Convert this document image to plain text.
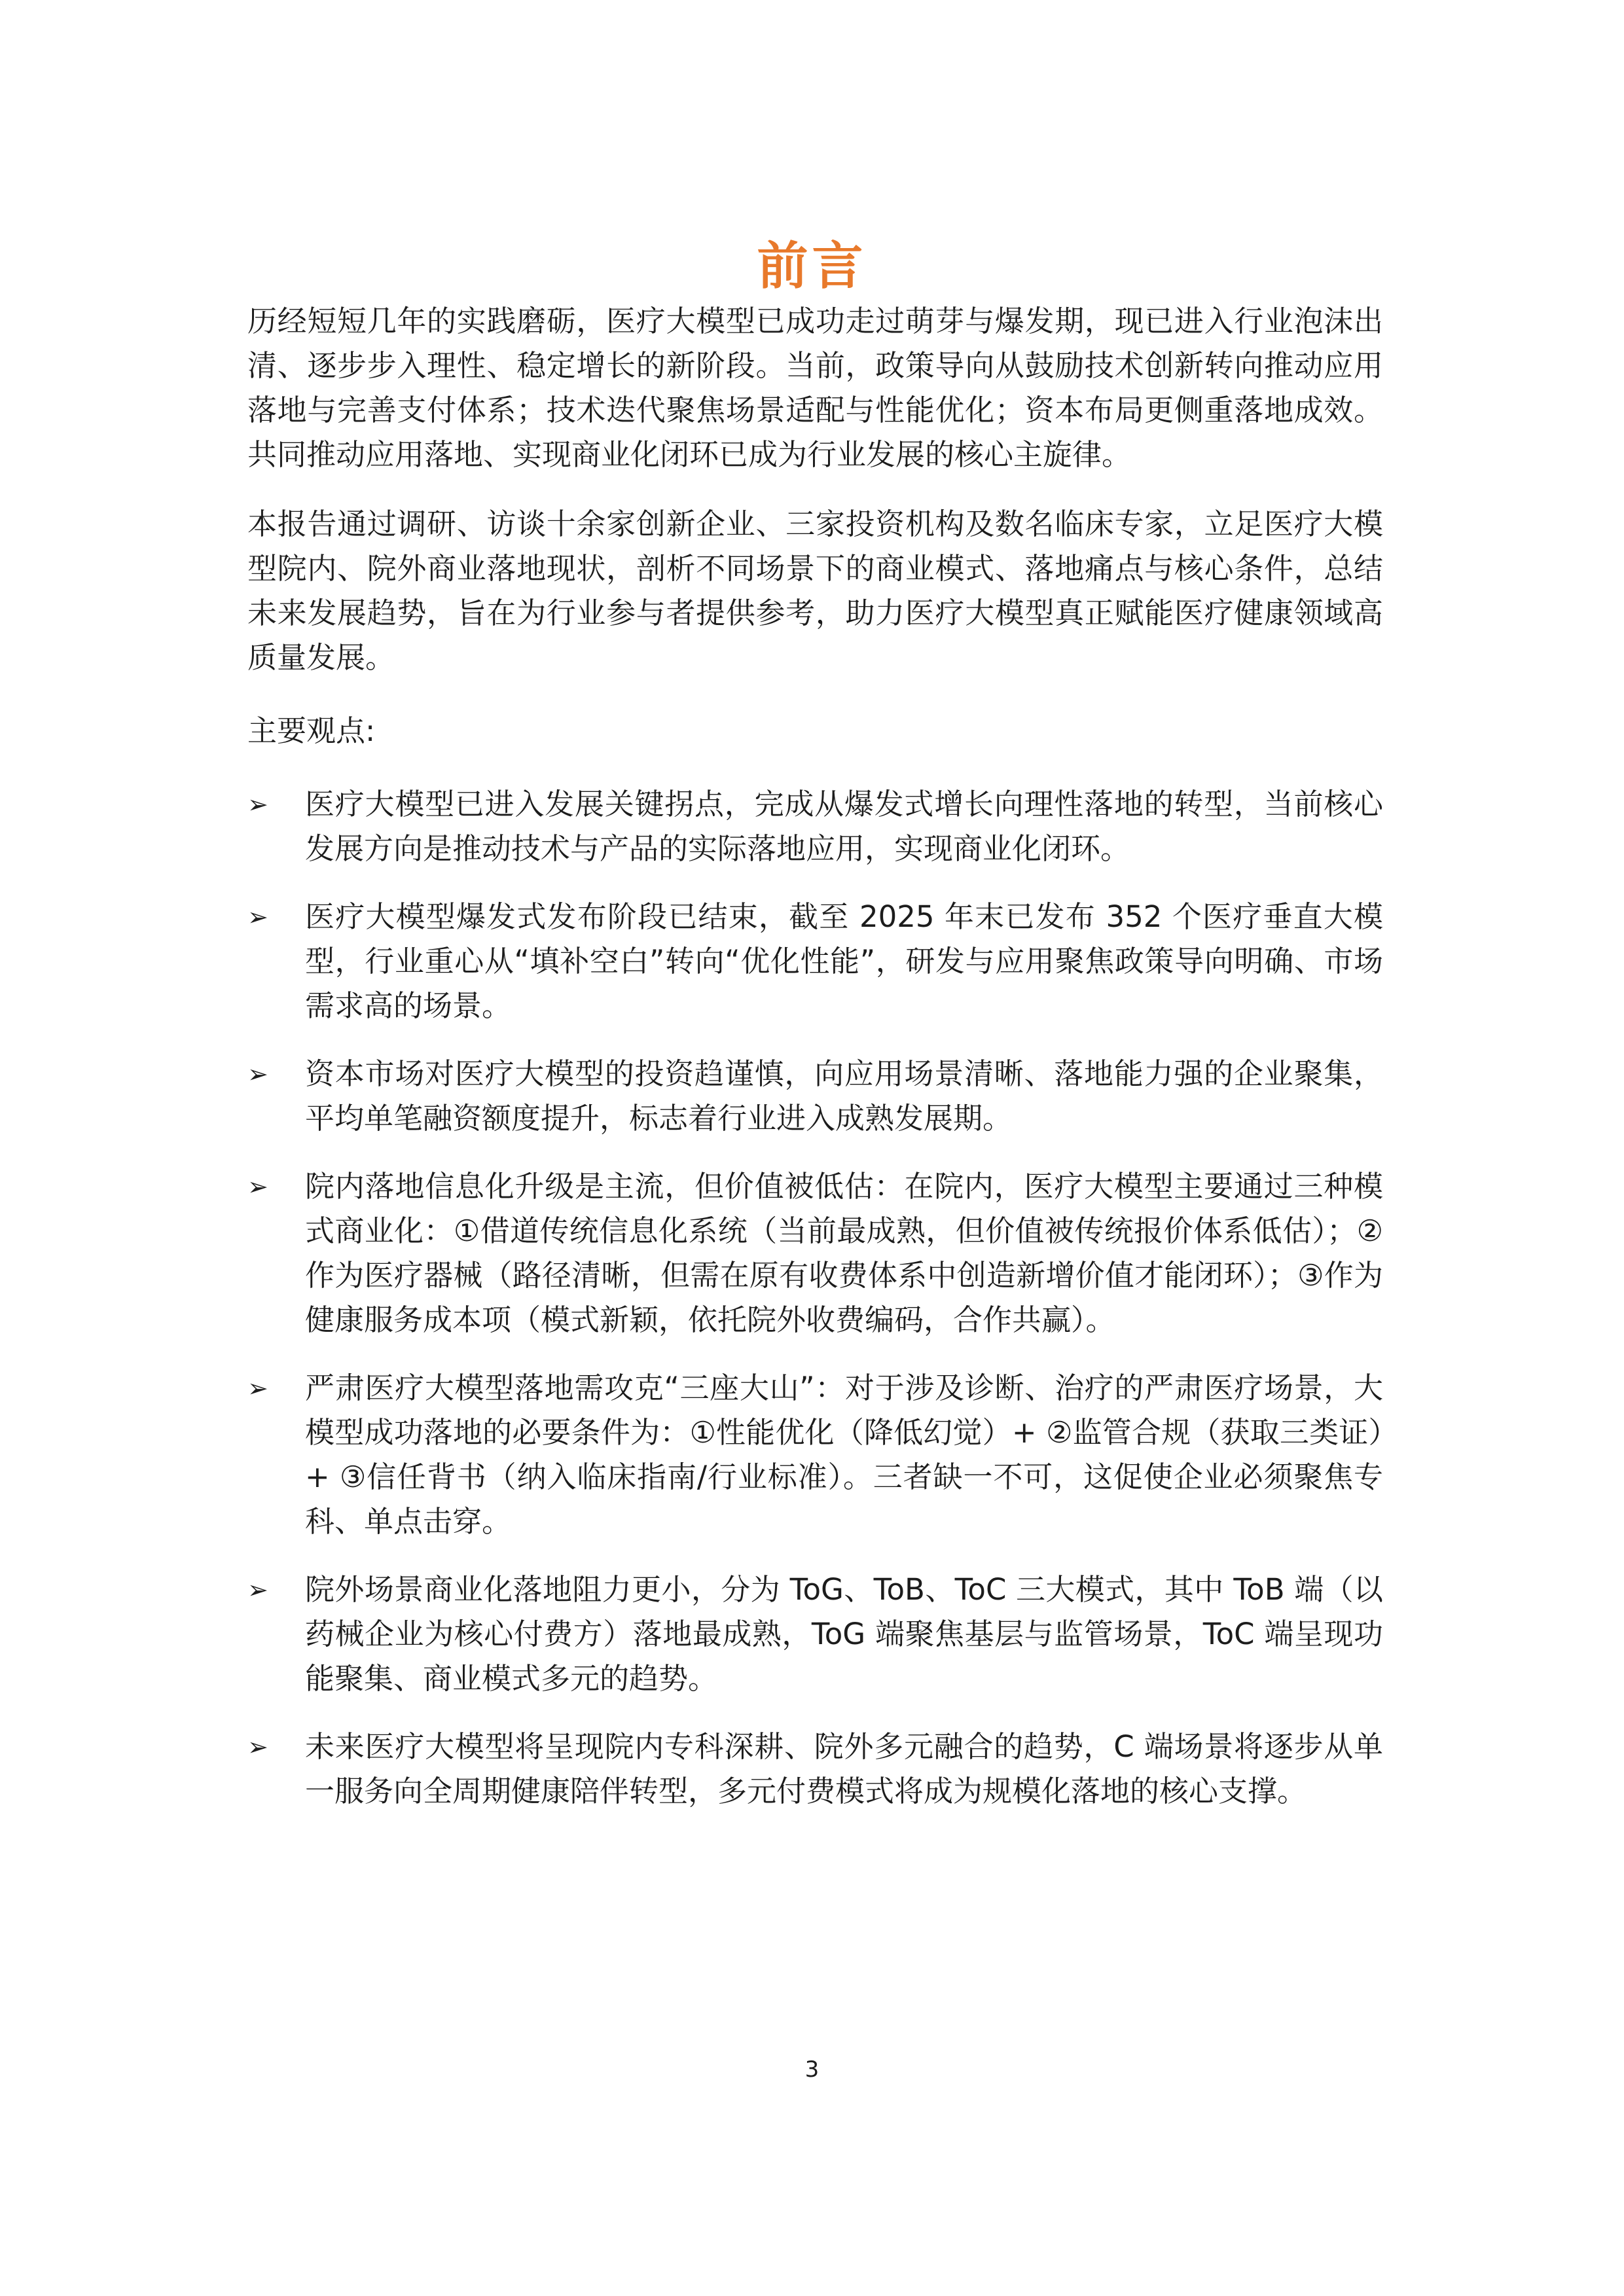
前言

历经短短几年的实践磨砺，医疗大模型已成功走过萌芽与爆发期，现已进入行业泡沫出清、逐步步入理性、稳定增长的新阶段。当前，政策导向从鼓励技术创新转向推动应用落地与完善支付体系；技术迭代聚焦场景适配与性能优化；资本布局更侧重落地成效。共同推动应用落地、实现商业化闭环已成为行业发展的核心主旋律。

本报告通过调研、访谈十余家创新企业、三家投资机构及数名临床专家，立足医疗大模型院内、院外商业落地现状，剖析不同场景下的商业模式、落地痛点与核心条件，总结未来发展趋势，旨在为行业参与者提供参考，助力医疗大模型真正赋能医疗健康领域高质量发展。

主要观点:

➢	医疗大模型已进入发展关键拐点，完成从爆发式增长向理性落地的转型，当前核心发展方向是推动技术与产品的实际落地应用，实现商业化闭环。
➢	医疗大模型爆发式发布阶段已结束，截至 2025 年末已发布 352 个医疗垂直大模型，行业重心从“填补空白”转向“优化性能”，研发与应用聚焦政策导向明确、市场需求高的场景。
➢	资本市场对医疗大模型的投资趋谨慎，向应用场景清晰、落地能力强的企业聚集，平均单笔融资额度提升，标志着行业进入成熟发展期。
➢	院内落地信息化升级是主流，但价值被低估：在院内，医疗大模型主要通过三种模式商业化：①借道传统信息化系统（当前最成熟，但价值被传统报价体系低估）；②作为医疗器械（路径清晰，但需在原有收费体系中创造新增价值才能闭环）；③作为健康服务成本项（模式新颖，依托院外收费编码，合作共赢）。
➢	严肃医疗大模型落地需攻克“三座大山”：对于涉及诊断、治疗的严肃医疗场景，大模型成功落地的必要条件为：①性能优化（降低幻觉）+ ②监管合规（获取三类证）+ ③信任背书（纳入临床指南/行业标准）。三者缺一不可，这促使企业必须聚焦专科、单点击穿。
➢	院外场景商业化落地阻力更小，分为 ToG、ToB、ToC 三大模式，其中 ToB 端（以药械企业为核心付费方）落地最成熟，ToG 端聚焦基层与监管场景，ToC 端呈现功能聚集、商业模式多元的趋势。
➢	未来医疗大模型将呈现院内专科深耕、院外多元融合的趋势，C 端场景将逐步从单一服务向全周期健康陪伴转型，多元付费模式将成为规模化落地的核心支撑。
3
